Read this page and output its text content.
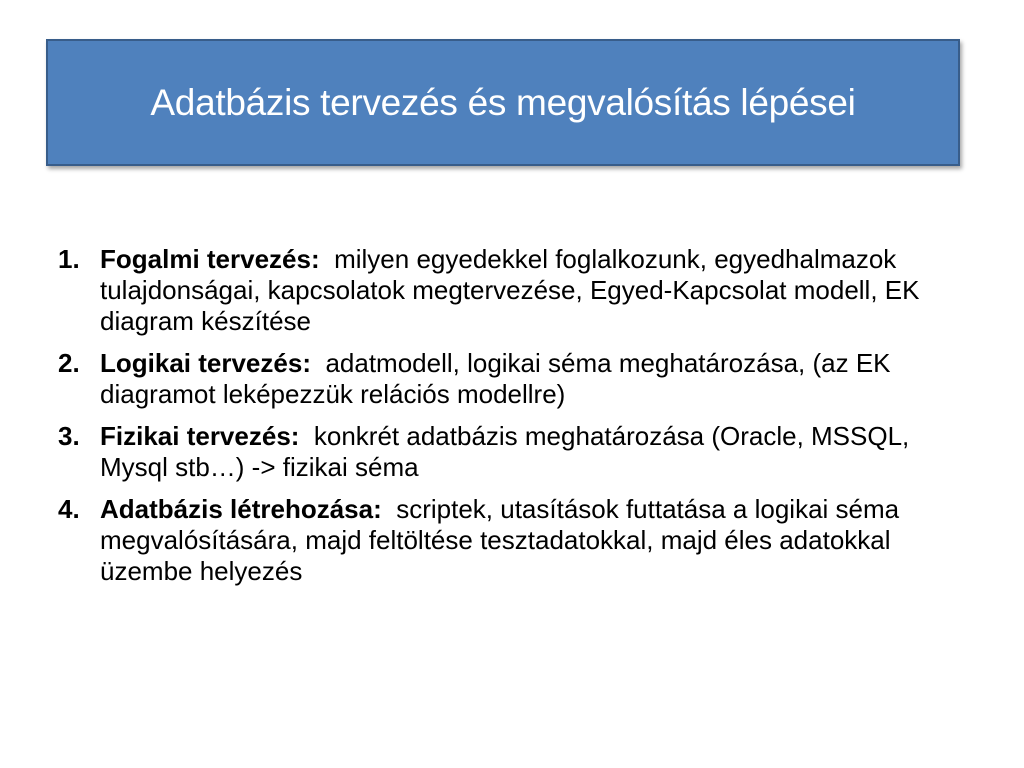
Adatbázis tervezés és megvalósítás lépései
1. Fogalmi tervezés: milyen egyedekkel foglalkozunk, egyedhalmazok tulajdonságai, kapcsolatok megtervezése, Egyed-Kapcsolat modell, EK diagram készítése
2. Logikai tervezés: adatmodell, logikai séma meghatározása, (az EK diagramot leképezzük relációs modellre)
3. Fizikai tervezés: konkrét adatbázis meghatározása (Oracle, MSSQL, Mysql stb…) -> fizikai séma
4. Adatbázis létrehozása: scriptek, utasítások futtatása a logikai séma megvalósítására, majd feltöltése tesztadatokkal, majd éles adatokkal üzembe helyezés
